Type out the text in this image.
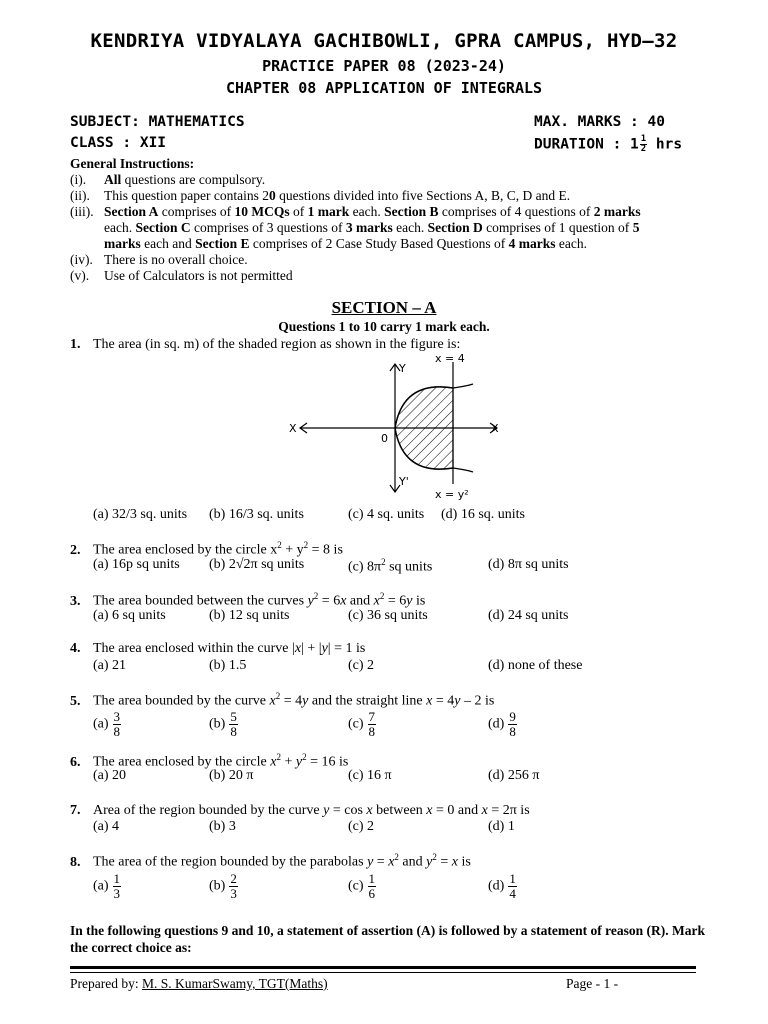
KENDRIYA VIDYALAYA GACHIBOWLI, GPRA CAMPUS, HYD–32
PRACTICE PAPER 08 (2023-24)
CHAPTER 08 APPLICATION OF INTEGRALS
SUBJECT: MATHEMATICS	MAX. MARKS : 40
CLASS : XII	DURATION : $1 \frac{1}{2}$ hrs
General Instructions:
(i).	All questions are compulsory.
(ii).	This question paper contains 20 questions divided into five Sections A, B, C, D and E.
(iii). Section A comprises of 10 MCQs of 1 mark each. Section B comprises of 4 questions of 2 marks
each. Section C comprises of 3 questions of 3 marks each. Section D comprises of 1 question of 5
marks each and Section E comprises of 2 Case Study Based Questions of 4 marks each.
(iv). There is no overall choice.
(v).	Use of Calculators is not permitted
SECTION – A
Questions 1 to 10 carry 1 mark each.
1. The area (in sq. m) of the shaded region as shown in the figure is:
X	X
Y
Y'
0
x = 4
x = y²
(a) 32/3 sq. units (b) 16/3 sq. units	(c) 4 sq. units (d) 16 sq. units
2. The area enclosed by the circle $x^2 + y^2 = 8$ is
(a) 16p sq units (b) 2√2π sq units	(c) $8\pi^2$ sq units	(d) 8π sq units
3. The area bounded between the curves $y^2 = 6x$ and $x^2 = 6y$ is
(a) 6 sq units	(b) 12 sq units	(c) 36 sq units	(d) 24 sq units
4. The area enclosed within the curve |x| + |y| = 1 is
(a) 21	(b) 1.5	(c) 2	(d) none of these
5. The area bounded by the curve $x^2 = 4y$ and the straight line x = 4y – 2 is
$(a) \frac{3}{8}$	$(b) \frac{5}{8}$	$(c) \frac{7}{8}$	$(d) \frac{9}{8}$
6. The area enclosed by the circle $x^2 + y^2 = 16$ is
(a) 20	(b) 20 π	(c) 16 π	(d) 256 π
7. Area of the region bounded by the curve y = cos x between x = 0 and x = 2π is
(a) 4	(b) 3	(c) 2	(d) 1
8. The area of the region bounded by the parabolas $y = x^2$ and $y^2 = x$ is
$(a) \frac{1}{3}$	$(b) \frac{2}{3}$	$(c) \frac{1}{6}$	$(d) \frac{1}{4}$
In the following questions 9 and 10, a statement of assertion (A) is followed by a statement of reason (R). Mark the correct choice as:
Prepared by: M. S. KumarSwamy, TGT(Maths)	Page - 1 -
